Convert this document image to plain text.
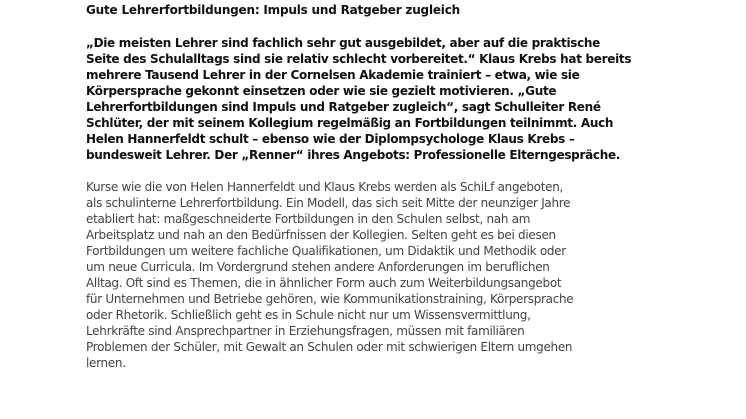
Gute Lehrerfortbildungen: Impuls und Ratgeber zugleich

„Die meisten Lehrer sind fachlich sehr gut ausgebildet, aber auf die praktische
Seite des Schulalltags sind sie relativ schlecht vorbereitet.“ Klaus Krebs hat bereits
mehrere Tausend Lehrer in der Cornelsen Akademie trainiert – etwa, wie sie
Körpersprache gekonnt einsetzen oder wie sie gezielt motivieren. „Gute
Lehrerfortbildungen sind Impuls und Ratgeber zugleich“, sagt Schulleiter René
Schlüter, der mit seinem Kollegium regelmäßig an Fortbildungen teilnimmt. Auch
Helen Hannerfeldt schult – ebenso wie der Diplompsychologe Klaus Krebs –
bundesweit Lehrer. Der „Renner“ ihres Angebots: Professionelle Elterngespräche.

Kurse wie die von Helen Hannerfeldt und Klaus Krebs werden als SchiLf angeboten,
als schulinterne Lehrerfortbildung. Ein Modell, das sich seit Mitte der neunziger Jahre
etabliert hat: maßgeschneiderte Fortbildungen in den Schulen selbst, nah am
Arbeitsplatz und nah an den Bedürfnissen der Kollegien. Selten geht es bei diesen
Fortbildungen um weitere fachliche Qualifikationen, um Didaktik und Methodik oder
um neue Curricula. Im Vordergrund stehen andere Anforderungen im beruflichen
Alltag. Oft sind es Themen, die in ähnlicher Form auch zum Weiterbildungsangebot
für Unternehmen und Betriebe gehören, wie Kommunikationstraining, Körpersprache
oder Rhetorik. Schließlich geht es in Schule nicht nur um Wissensvermittlung,
Lehrkräfte sind Ansprechpartner in Erziehungsfragen, müssen mit familiären
Problemen der Schüler, mit Gewalt an Schulen oder mit schwierigen Eltern umgehen
lernen.
